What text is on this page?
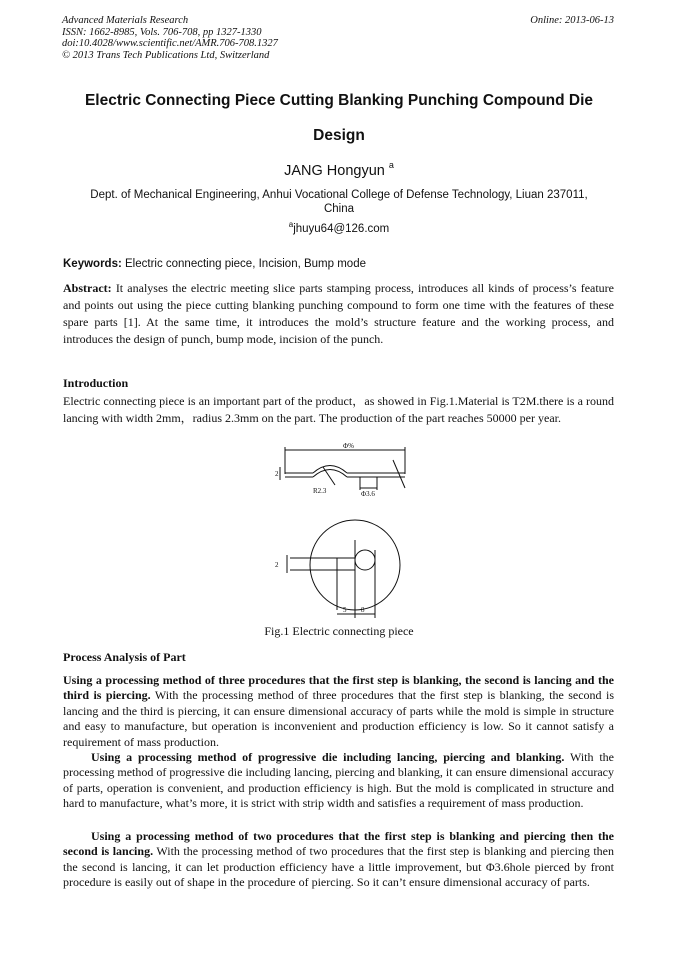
Advanced Materials Research
ISSN: 1662-8985, Vols. 706-708, pp 1327-1330
doi:10.4028/www.scientific.net/AMR.706-708.1327
© 2013 Trans Tech Publications Ltd, Switzerland
Online: 2013-06-13
Electric Connecting Piece Cutting Blanking Punching Compound Die
Design
JANG Hongyun $^a$
Dept. of Mechanical Engineering, Anhui Vocational College of Defense Technology, Liuan 237011, China
$^a$jhuyu64@126.com
Keywords: Electric connecting piece, Incision, Bump mode
Abstract: It analyses the electric meeting slice parts stamping process, introduces all kinds of process’s feature and points out using the piece cutting blanking punching compound to form one time with the features of these spare parts [1]. At the same time, it introduces the mold’s structure feature and the working process, and introduces the design of punch, bump mode, incision of the punch.
Introduction
Electric connecting piece is an important part of the product，as showed in Fig.1.Material is T2M.there is a round lancing with width 2mm，radius 2.3mm on the part. The production of the part reaches 50000 per year.
Φ%
R2.3	Φ3.6
2
2
5 8
Fig.1 Electric connecting piece
Process Analysis of Part
Using a processing method of three procedures that the first step is blanking, the second is lancing and the third is piercing. With the processing method of three procedures that the first step is blanking, the second is lancing and the third is piercing, it can ensure dimensional accuracy of parts while the mold is simple in structure and easy to manufacture, but operation is inconvenient and production efficiency is low. So it cannot satisfy a requirement of mass production.
Using a processing method of progressive die including lancing, piercing and blanking. With the processing method of progressive die including lancing, piercing and blanking, it can ensure dimensional accuracy of parts, operation is convenient, and production efficiency is high. But the mold is complicated in structure and hard to manufacture, what’s more, it is strict with strip width and satisfies a requirement of mass production.
Using a processing method of two procedures that the first step is blanking and piercing then the second is lancing. With the processing method of two procedures that the first step is blanking and piercing then the second is lancing, it can let production efficiency have a little improvement, but Φ3.6hole pierced by front procedure is easily out of shape in the procedure of piercing. So it can’t ensure dimensional accuracy of parts.
